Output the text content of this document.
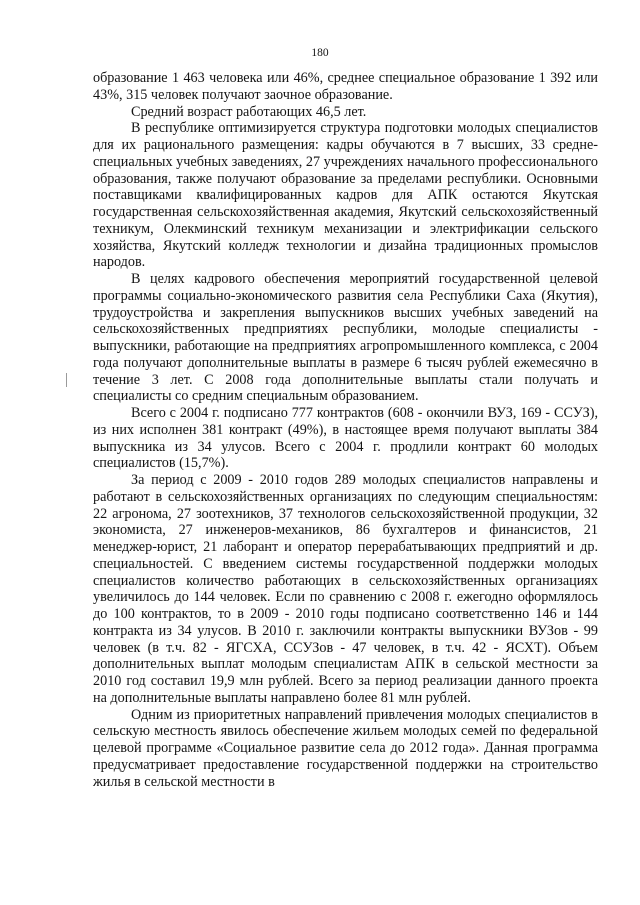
180

образование 1 463 человека или 46%, среднее специальное образование 1 392 или 43%, 315 человек получают заочное образование.

Средний возраст работающих 46,5 лет.

В республике оптимизируется структура подготовки молодых специалистов для их рационального размещения: кадры обучаются в 7 высших, 33 средне-специальных учебных заведениях, 27 учреждениях начального профессионального образования, также получают образование за пределами республики. Основными поставщиками квалифицированных кадров для АПК остаются Якутская государственная сельскохозяйственная академия, Якутский сельскохозяйственный техникум, Олекминский техникум механизации и электрификации сельского хозяйства, Якутский колледж технологии и дизайна традиционных промыслов народов.

В целях кадрового обеспечения мероприятий государственной целевой программы социально-экономического развития села Республики Саха (Якутия), трудоустройства и закрепления выпускников высших учебных заведений на сельскохозяйственных предприятиях республики, молодые специалисты - выпускники, работающие на предприятиях агропромышленного комплекса, с 2004 года получают дополнительные выплаты в размере 6 тысяч рублей ежемесячно в течение 3 лет. С 2008 года дополнительные выплаты стали получать и специалисты со средним специальным образованием.

Всего с 2004 г. подписано 777 контрактов (608 - окончили ВУЗ, 169 - ССУЗ), из них исполнен 381 контракт (49%), в настоящее время получают выплаты 384 выпускника из 34 улусов. Всего с 2004 г. продлили контракт 60 молодых специалистов (15,7%).

За период с 2009 - 2010 годов 289 молодых специалистов направлены и работают в сельскохозяйственных организациях по следующим специальностям: 22 агронома, 27 зоотехников, 37 технологов сельскохозяйственной продукции, 32 экономиста, 27 инженеров-механиков, 86 бухгалтеров и финансистов, 21 менеджер-юрист, 21 лаборант и оператор перерабатывающих предприятий и др. специальностей. С введением системы государственной поддержки молодых специалистов количество работающих в сельскохозяйственных организациях увеличилось до 144 человек. Если по сравнению с 2008 г. ежегодно оформлялось до 100 контрактов, то в 2009 - 2010 годы подписано соответственно 146 и 144 контракта из 34 улусов. В 2010 г. заключили контракты выпускники ВУЗов - 99 человек (в т.ч. 82 - ЯГСХА, ССУЗов - 47 человек, в т.ч. 42 - ЯСХТ). Объем дополнительных выплат молодым специалистам АПК в сельской местности за 2010 год составил 19,9 млн рублей. Всего за период реализации данного проекта на дополнительные выплаты направлено более 81 млн рублей.

Одним из приоритетных направлений привлечения молодых специалистов в сельскую местность явилось обеспечение жильем молодых семей по федеральной целевой программе «Социальное развитие села до 2012 года». Данная программа предусматривает предоставление государственной поддержки на строительство жилья в сельской местности в
